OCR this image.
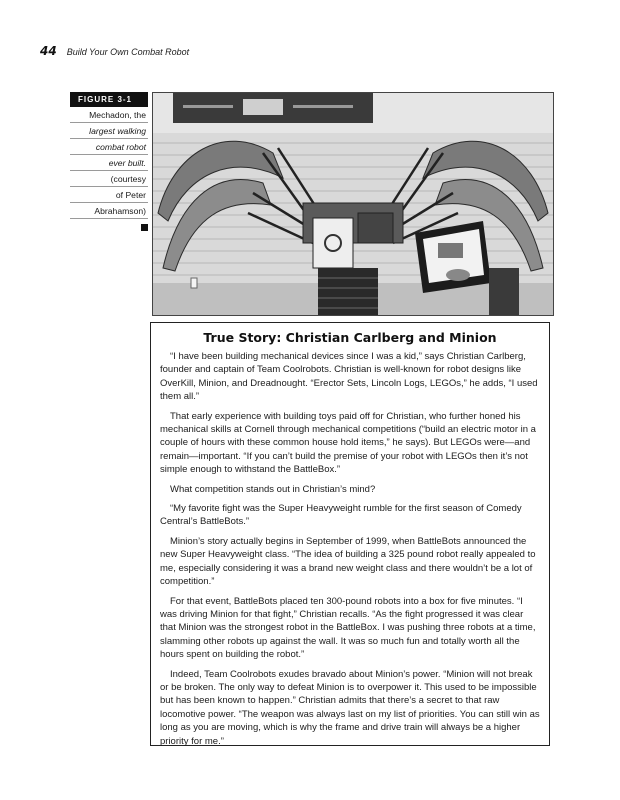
44 Build Your Own Combat Robot
FIGURE 3-1
Mechadon, the
largest walking
combat robot
ever built.
(courtesy
of Peter
Abrahamson)
True Story: Christian Carlberg and Minion
“I have been building mechanical devices since I was a kid,” says Christian Carlberg, founder and captain of Team Coolrobots. Christian is well-known for robot designs like OverKill, Minion, and Dreadnought. “Erector Sets, Lincoln Logs, LEGOs,” he adds, “I used them all.”
That early experience with building toys paid off for Christian, who further honed his mechanical skills at Cornell through mechanical competitions (“build an electric motor in a couple of hours with these common house hold items,” he says). But LEGOs were—and remain—important. “If you can’t build the premise of your robot with LEGOs then it’s not simple enough to withstand the BattleBox.”
What competition stands out in Christian’s mind?
“My favorite fight was the Super Heavyweight rumble for the first season of Comedy Central’s BattleBots.”
Minion’s story actually begins in September of 1999, when BattleBots announced the new Super Heavyweight class. “The idea of building a 325 pound robot really appealed to me, especially considering it was a brand new weight class and there wouldn’t be a lot of competition.”
For that event, BattleBots placed ten 300-pound robots into a box for five minutes. “I was driving Minion for that fight,” Christian recalls. “As the fight progressed it was clear that Minion was the strongest robot in the BattleBox. I was pushing three robots at a time, slamming other robots up against the wall. It was so much fun and totally worth all the hours spent on building the robot.”
Indeed, Team Coolrobots exudes bravado about Minion’s power. “Minion will not break or be broken. The only way to defeat Minion is to overpower it. This used to be impossible but has been known to happen.” Christian admits that there’s a secret to that raw locomotive power. “The weapon was always last on my list of priorities. You can still win as long as you are moving, which is why the frame and drive train will always be a higher priority for me.”
